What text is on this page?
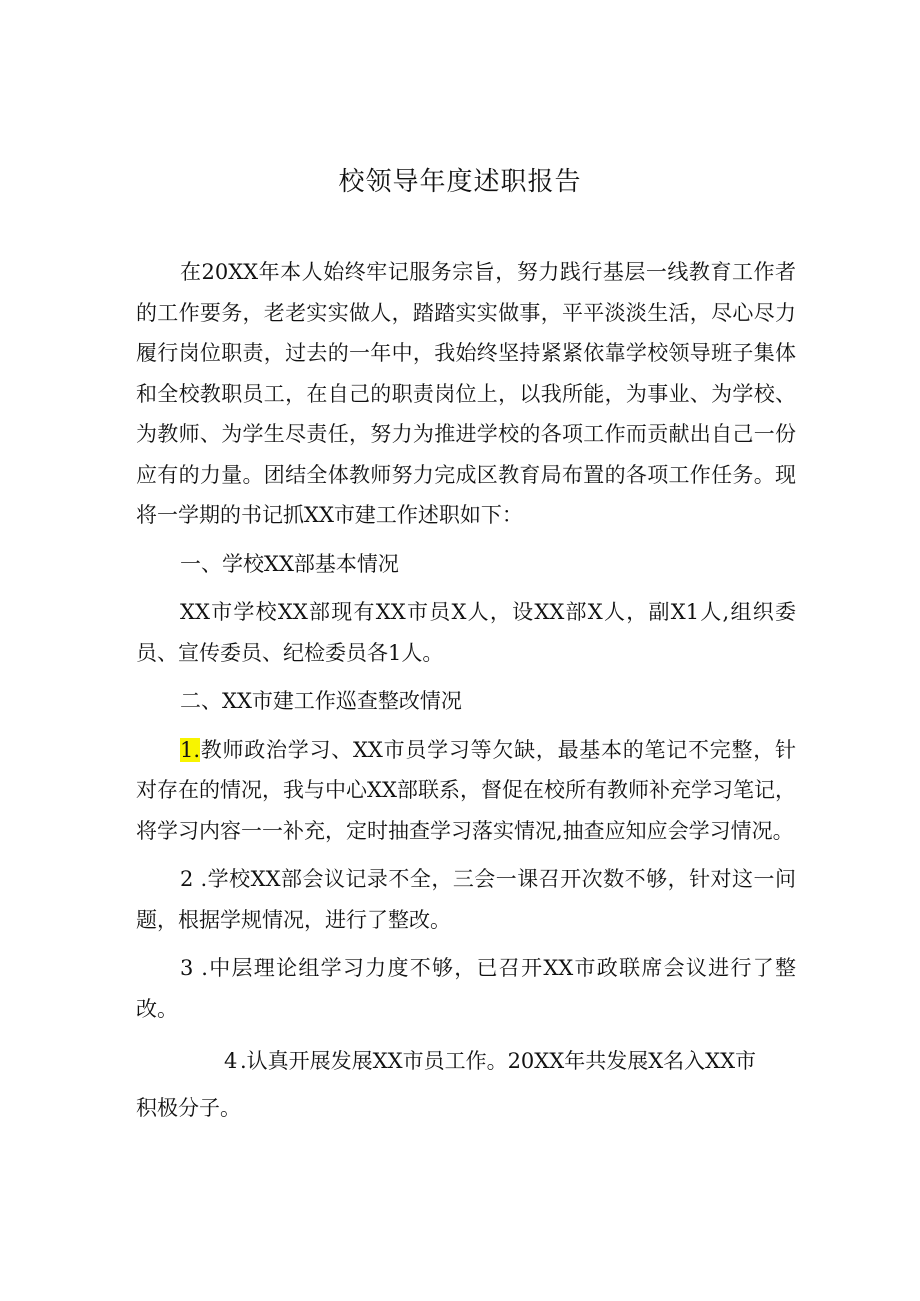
校领导年度述职报告

在20XX年本人始终牢记服务宗旨，努力践行基层一线教育工作者的工作要务，老老实实做人，踏踏实实做事，平平淡淡生活，尽心尽力履行岗位职责，过去的一年中，我始终坚持紧紧依靠学校领导班子集体和全校教职员工，在自己的职责岗位上，以我所能，为事业、为学校、为教师、为学生尽责任，努力为推进学校的各项工作而贡献出自己一份应有的力量。团结全体教师努力完成区教育局布置的各项工作任务。现将一学期的书记抓XX市建工作述职如下：

一、学校XX部基本情况

XX市学校XX部现有XX市员X人，设XX部X人，副X1人,组织委员、宣传委员、纪检委员各1人。

二、XX市建工作巡查整改情况

1.教师政治学习、XX市员学习等欠缺，最基本的笔记不完整，针对存在的情况，我与中心XX部联系，督促在校所有教师补充学习笔记，将学习内容一一补充，定时抽查学习落实情况,抽查应知应会学习情况。

2 .学校XX部会议记录不全，三会一课召开次数不够，针对这一问题，根据学规情况，进行了整改。

3 .中层理论组学习力度不够，已召开XX市政联席会议进行了整改。

4 .认真开展发展XX市员工作。20XX年共发展X名入XX市

积极分子。
